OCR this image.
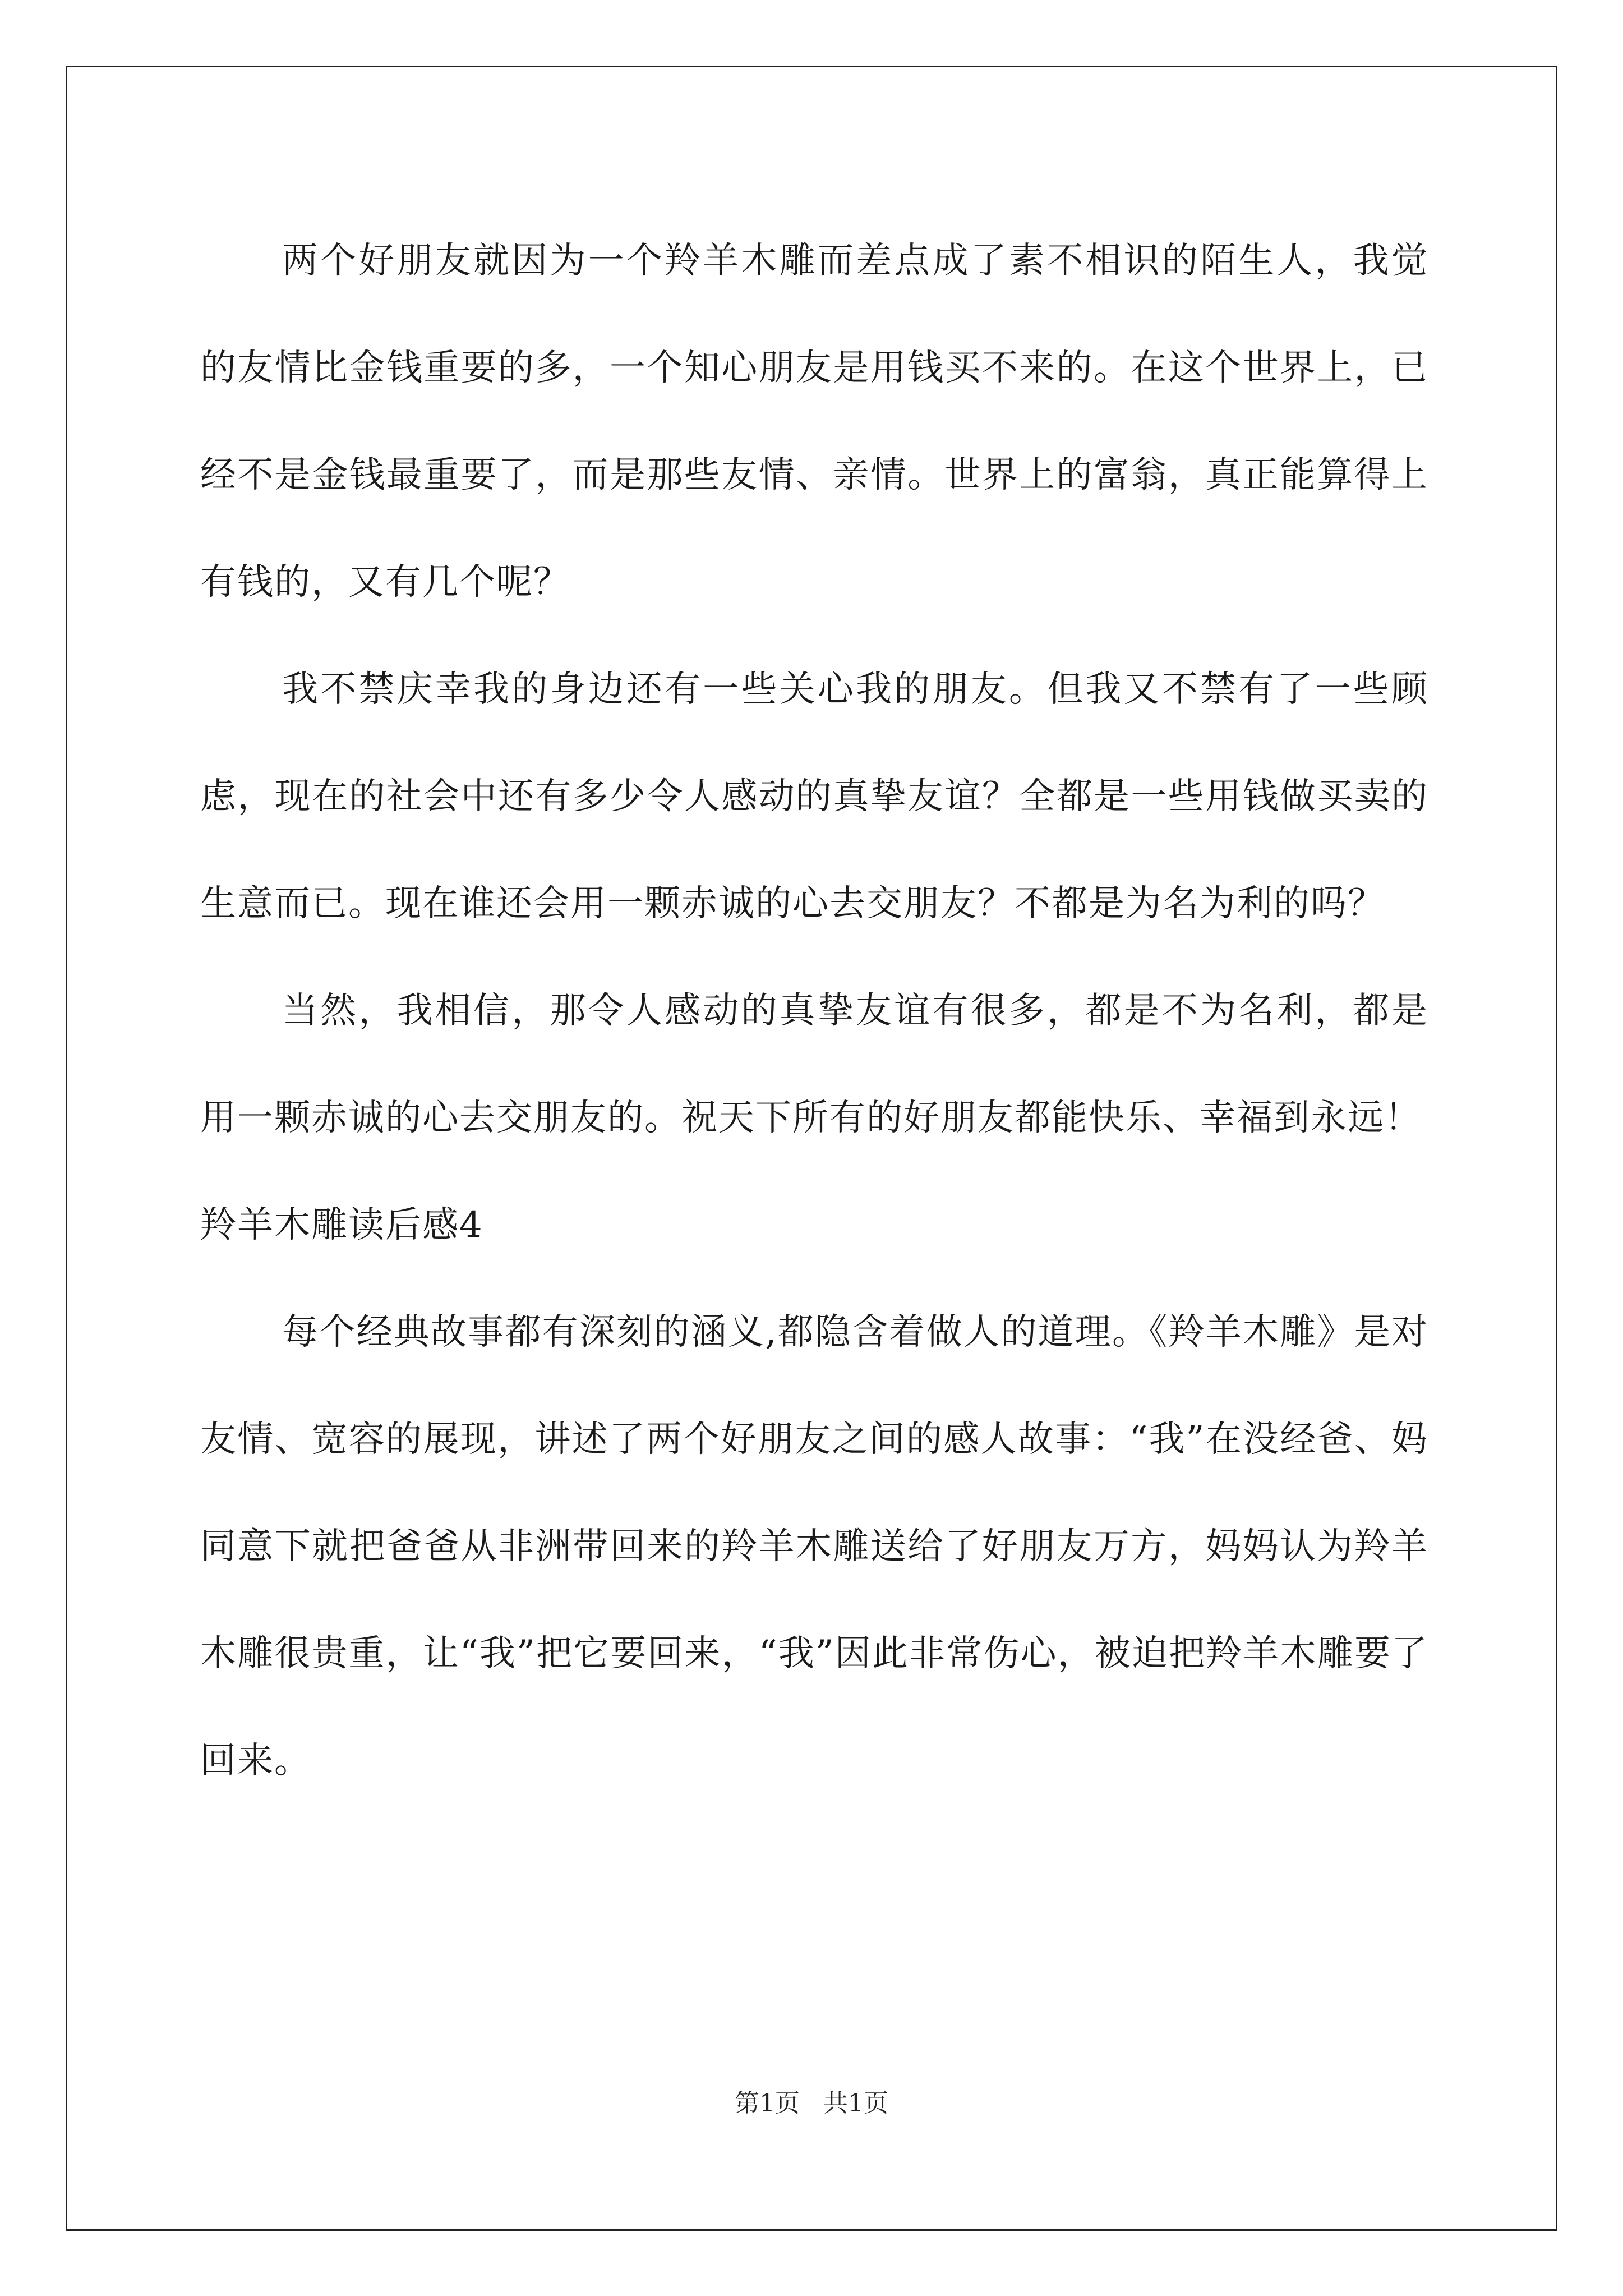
两个好朋友就因为一个羚羊木雕而差点成了素不相识的陌生人，我觉的友情比金钱重要的多，一个知心朋友是用钱买不来的。在这个世界上，已经不是金钱最重要了，而是那些友情、亲情。世界上的富翁，真正能算得上有钱的，又有几个呢？

我不禁庆幸我的身边还有一些关心我的朋友。但我又不禁有了一些顾虑，现在的社会中还有多少令人感动的真挚友谊？全都是一些用钱做买卖的生意而已。现在谁还会用一颗赤诚的心去交朋友？不都是为名为利的吗？

当然，我相信，那令人感动的真挚友谊有很多，都是不为名利，都是用一颗赤诚的心去交朋友的。祝天下所有的好朋友都能快乐、幸福到永远！

羚羊木雕读后感4

每个经典故事都有深刻的涵义,都隐含着做人的道理。《羚羊木雕》是对友情、宽容的展现，讲述了两个好朋友之间的感人故事：“我”在没经爸、妈同意下就把爸爸从非洲带回来的羚羊木雕送给了好朋友万方，妈妈认为羚羊木雕很贵重，让“我”把它要回来，“我”因此非常伤心，被迫把羚羊木雕要了回来。

第1页 共1页
